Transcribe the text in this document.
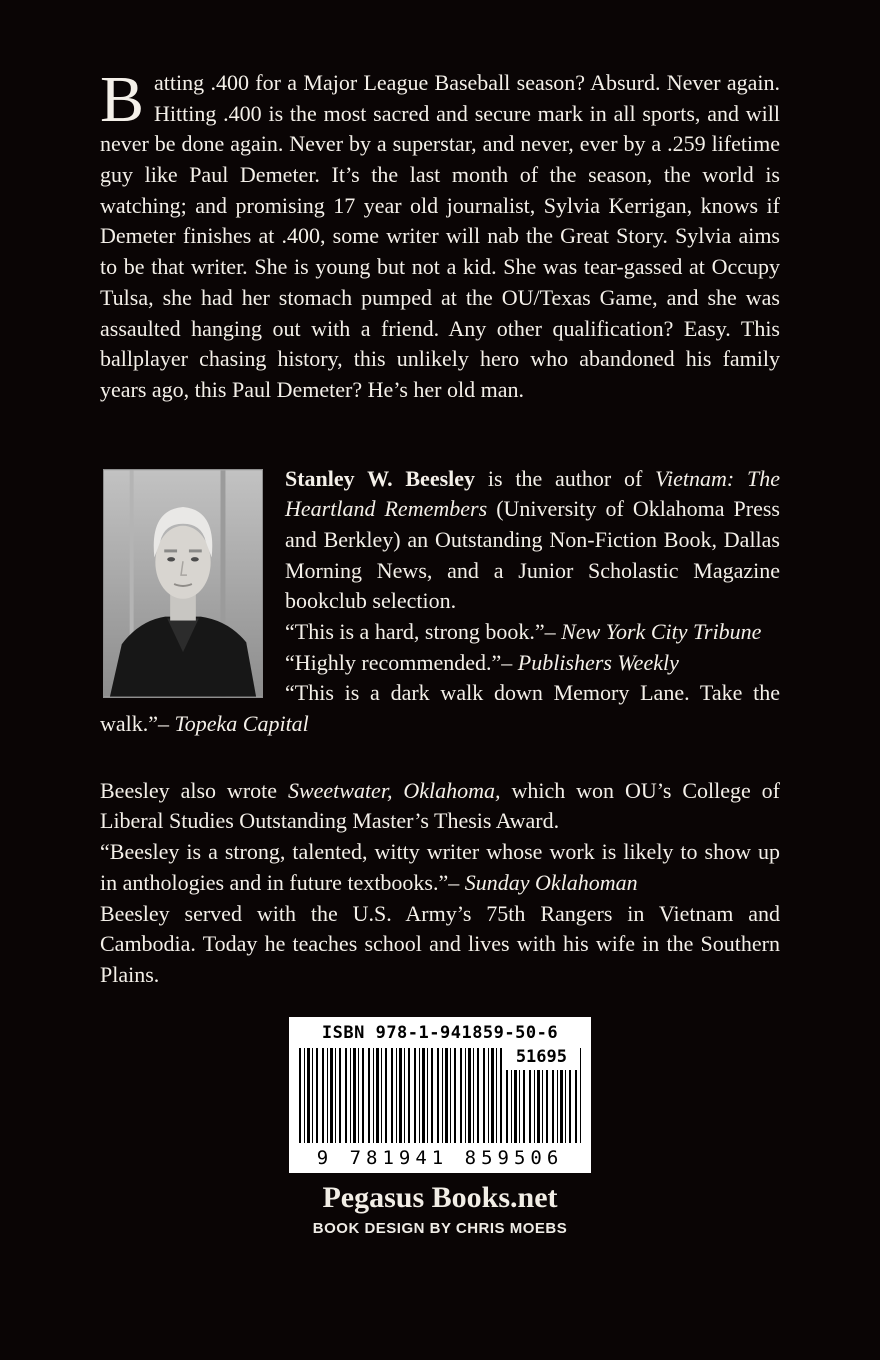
Batting .400 for a Major League Baseball season? Absurd. Never again. Hitting .400 is the most sacred and secure mark in all sports, and will never be done again. Never by a superstar, and never, ever by a .259 lifetime guy like Paul Demeter. It’s the last month of the season, the world is watching; and promising 17 year old journalist, Sylvia Kerrigan, knows if Demeter finishes at .400, some writer will nab the Great Story. Sylvia aims to be that writer. She is young but not a kid. She was tear-gassed at Occupy Tulsa, she had her stomach pumped at the OU/Texas Game, and she was assaulted hanging out with a friend. Any other qualification? Easy. This ballplayer chasing history, this unlikely hero who abandoned his family years ago, this Paul Demeter? He’s her old man.

Stanley W. Beesley is the author of Vietnam: The Heartland Remembers (University of Oklahoma Press and Berkley) an Outstanding Non-Fiction Book, Dallas Morning News, and a Junior Scholastic Magazine bookclub selection.
“This is a hard, strong book.”– New York City Tribune
“Highly recommended.”– Publishers Weekly
“This is a dark walk down Memory Lane. Take the walk.”– Topeka Capital

Beesley also wrote Sweetwater, Oklahoma, which won OU’s College of Liberal Studies Outstanding Master’s Thesis Award.
“Beesley is a strong, talented, witty writer whose work is likely to show up in anthologies and in future textbooks.”– Sunday Oklahoman
Beesley served with the U.S. Army’s 75th Rangers in Vietnam and Cambodia. Today he teaches school and lives with his wife in the Southern Plains.

ISBN 978-1-941859-50-6
51695
9 781941 859506
Pegasus Books.net
BOOK DESIGN BY CHRIS MOEBS
